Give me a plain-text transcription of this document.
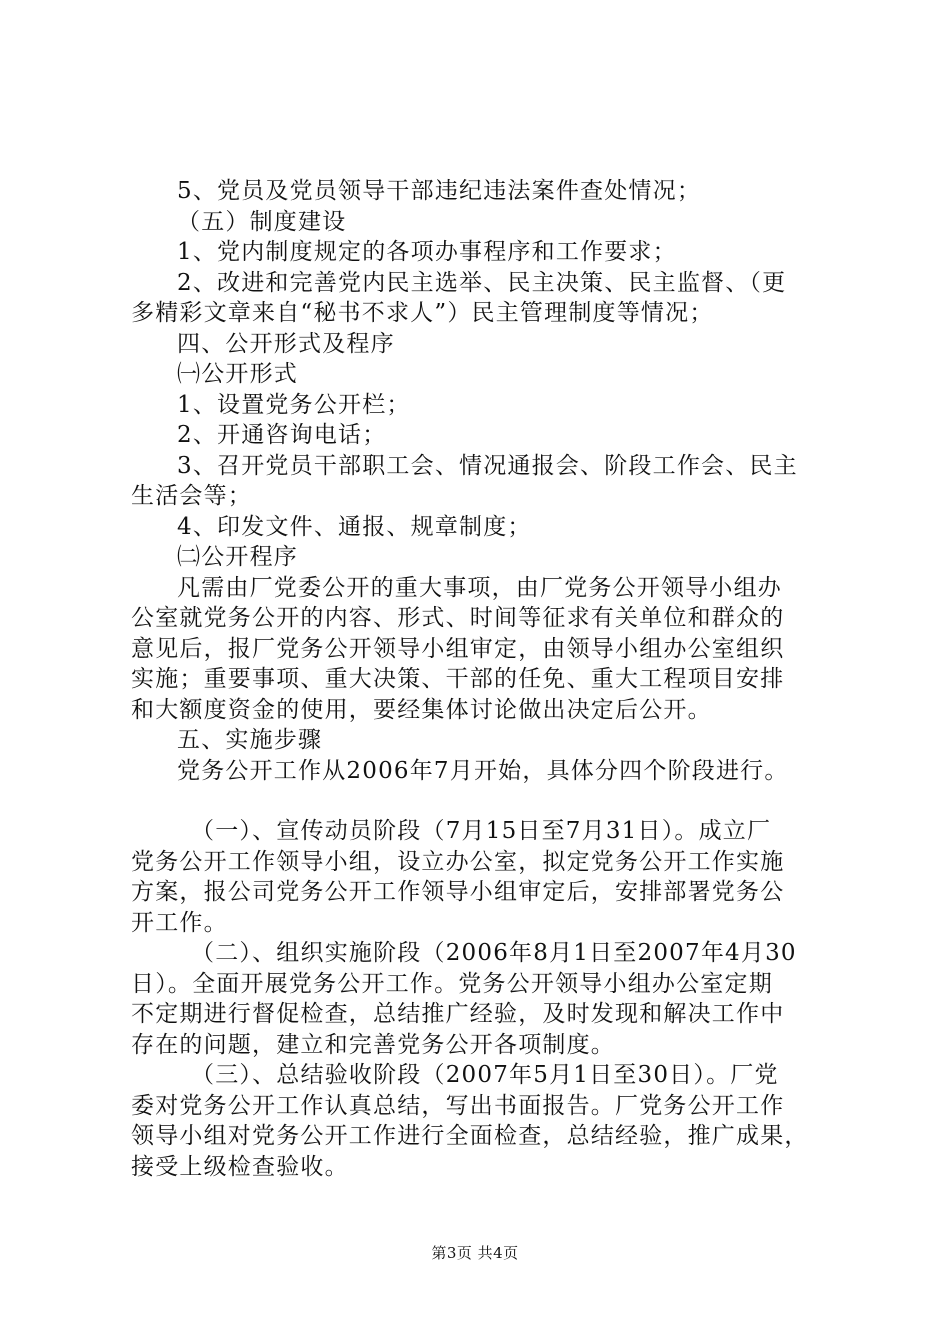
5、党员及党员领导干部违纪违法案件查处情况；

（五）制度建设

1、党内制度规定的各项办事程序和工作要求；

2、改进和完善党内民主选举、民主决策、民主监督、（更

多精彩文章来自“秘书不求人”）民主管理制度等情况；

四、公开形式及程序

㈠公开形式

1、设置党务公开栏；

2、开通咨询电话；

3、召开党员干部职工会、情况通报会、阶段工作会、民主

生活会等；

4、印发文件、通报、规章制度；

㈡公开程序

凡需由厂党委公开的重大事项，由厂党务公开领导小组办

公室就党务公开的内容、形式、时间等征求有关单位和群众的

意见后，报厂党务公开领导小组审定，由领导小组办公室组织

实施；重要事项、重大决策、干部的任免、重大工程项目安排

和大额度资金的使用，要经集体讨论做出决定后公开。

五、实施步骤

党务公开工作从2006年7月开始，具体分四个阶段进行。

（一）、宣传动员阶段（7月15日至7月31日）。成立厂

党务公开工作领导小组，设立办公室，拟定党务公开工作实施

方案，报公司党务公开工作领导小组审定后，安排部署党务公

开工作。

（二）、组织实施阶段（2006年8月1日至2007年4月30

日）。全面开展党务公开工作。党务公开领导小组办公室定期

不定期进行督促检查，总结推广经验，及时发现和解决工作中

存在的问题，建立和完善党务公开各项制度。

（三）、总结验收阶段（2007年5月1日至30日）。厂党

委对党务公开工作认真总结，写出书面报告。厂党务公开工作

领导小组对党务公开工作进行全面检查，总结经验，推广成果，

接受上级检查验收。

第3页 共4页
